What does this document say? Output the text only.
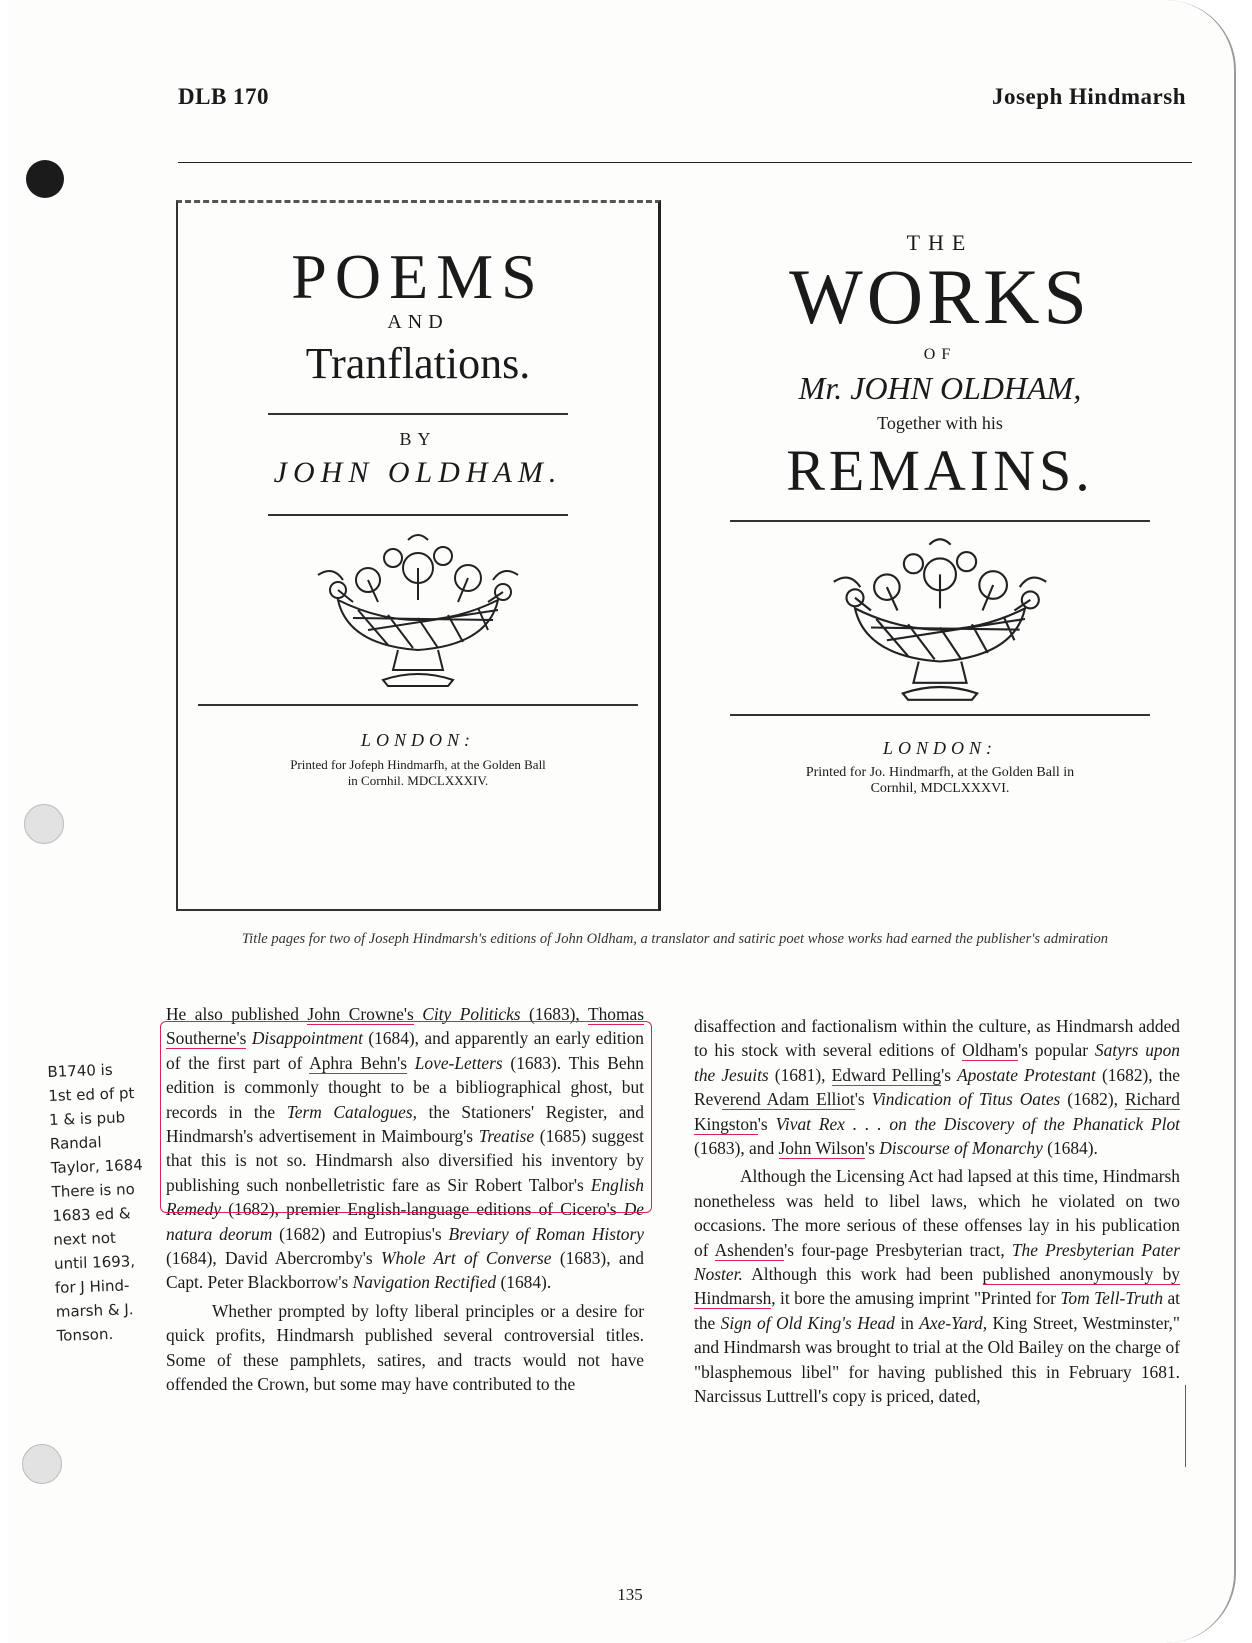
DLB 170	Joseph Hindmarsh
POEMS
AND
Tranflations.
BY
JOHN OLDHAM.
LONDON:
Printed for Jofeph Hindmarfh, at the Golden Ball
in Cornhil. MDCLXXXIV.
THE
WORKS
OF
Mr. JOHN OLDHAM,
Together with his
REMAINS.
LONDON:
Printed for Jo. Hindmarfh, at the Golden Ball in
Cornhil, MDCLXXXVI.
Title pages for two of Joseph Hindmarsh's editions of John Oldham, a translator and satiric poet whose works had earned the publisher's admiration

He also published John Crowne's City Politicks (1683), Thomas Southerne's Disappointment (1684), and apparently an early edition of the first part of Aphra Behn's Love-Letters (1683). This Behn edition is commonly thought to be a bibliographical ghost, but records in the Term Catalogues, the Stationers' Register, and Hindmarsh's advertisement in Maimbourg's Treatise (1685) suggest that this is not so. Hindmarsh also diversified his inventory by publishing such nonbelletristic fare as Sir Robert Talbor's English Remedy (1682), premier English-language editions of Cicero's De natura deorum (1682) and Eutropius's Breviary of Roman History (1684), David Abercromby's Whole Art of Converse (1683), and Capt. Peter Blackborrow's Navigation Rectified (1684).

Whether prompted by lofty liberal principles or a desire for quick profits, Hindmarsh published several controversial titles. Some of these pamphlets, satires, and tracts would not have offended the Crown, but some may have contributed to the

disaffection and factionalism within the culture, as Hindmarsh added to his stock with several editions of Oldham's popular Satyrs upon the Jesuits (1681), Edward Pelling's Apostate Protestant (1682), the Reverend Adam Elliot's Vindication of Titus Oates (1682), Richard Kingston's Vivat Rex . . . on the Discovery of the Phanatick Plot (1683), and John Wilson's Discourse of Monarchy (1684).

Although the Licensing Act had lapsed at this time, Hindmarsh nonetheless was held to libel laws, which he violated on two occasions. The more serious of these offenses lay in his publication of Ashenden's four-page Presbyterian tract, The Presbyterian Pater Noster. Although this work had been published anonymously by Hindmarsh, it bore the amusing imprint "Printed for Tom Tell-Truth at the Sign of Old King's Head in Axe-Yard, King Street, Westminster," and Hindmarsh was brought to trial at the Old Bailey on the charge of "blasphemous libel" for having published this in February 1681. Narcissus Luttrell's copy is priced, dated,

B1740 is
1st ed of pt
1 & is pub
Randal
Taylor, 1684
There is no
1683 ed &
next not
until 1693,
for J Hind-
marsh & J.
Tonson.
135
